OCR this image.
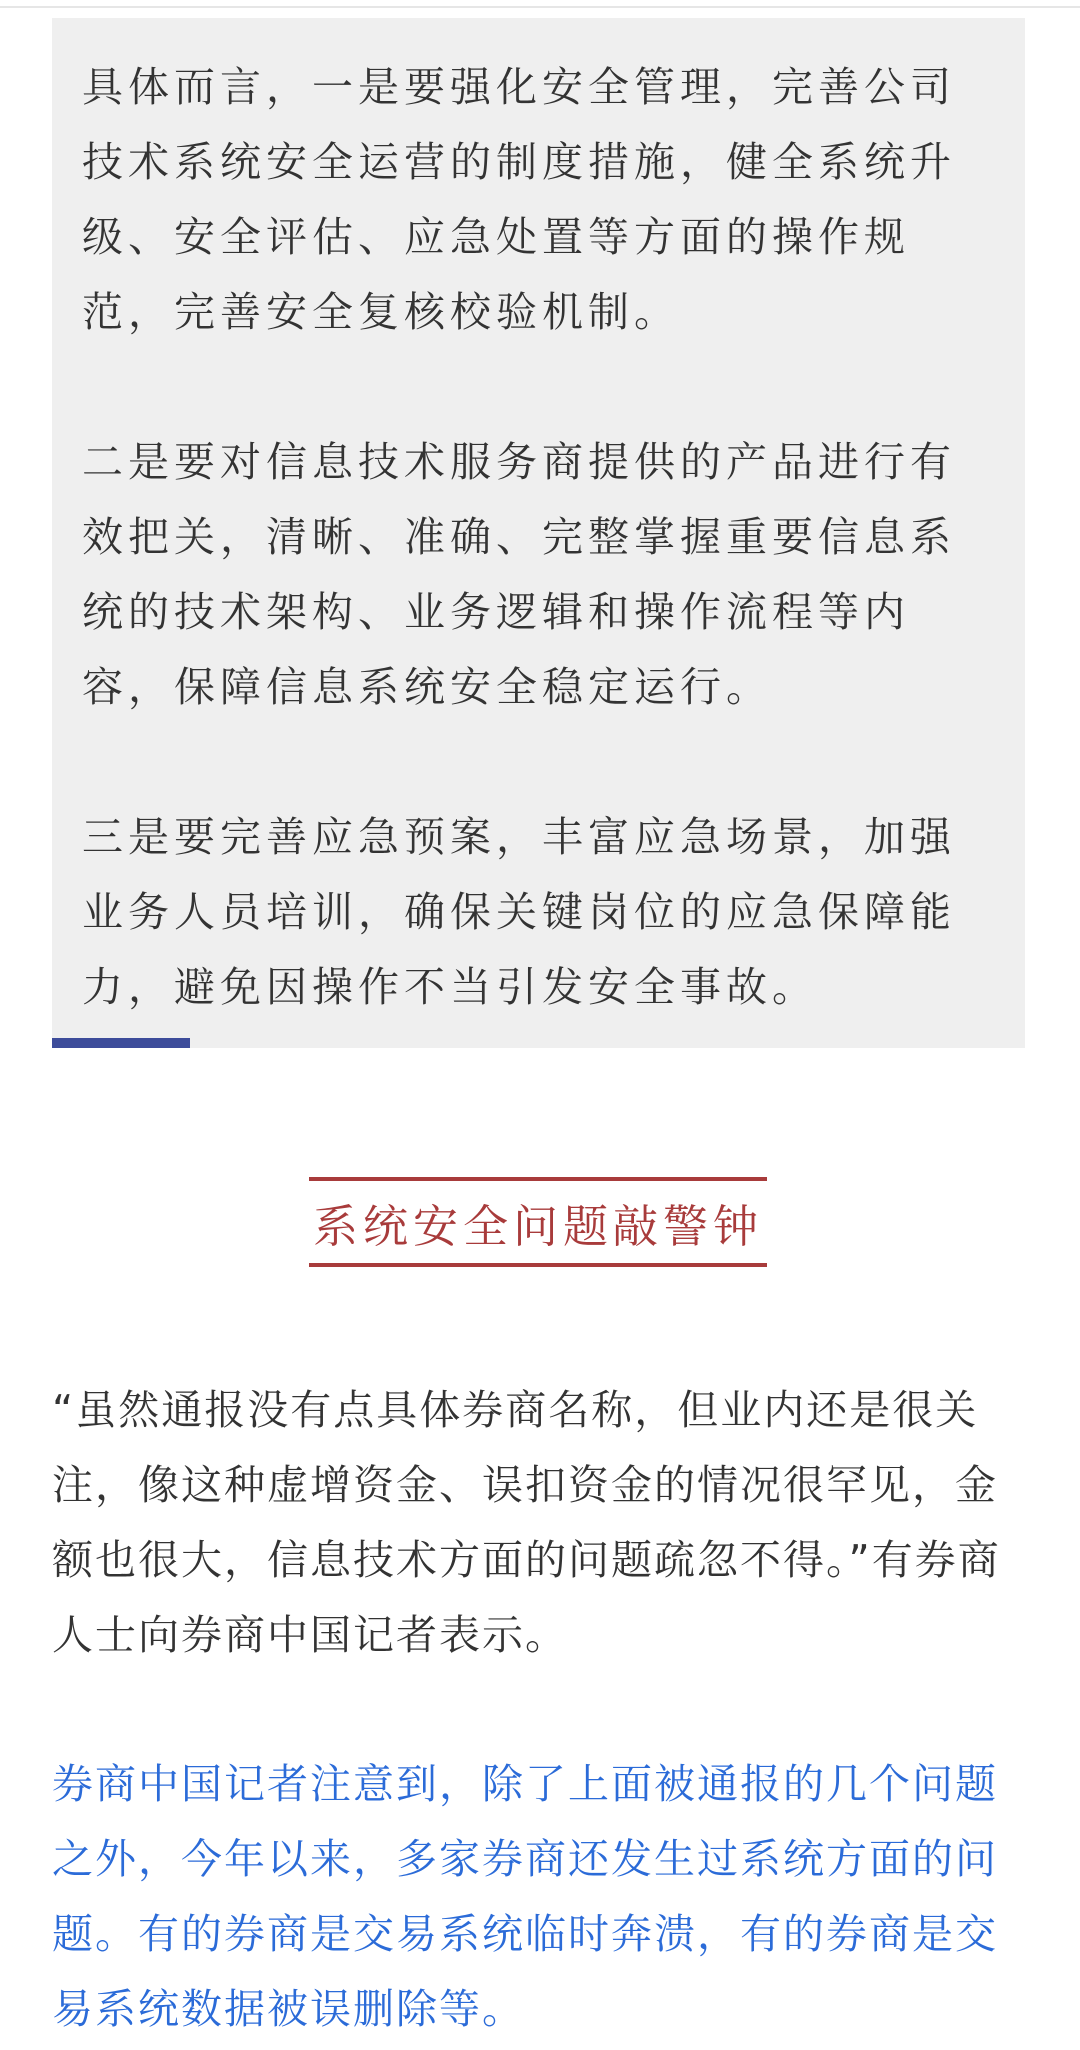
具体而言，一是要强化安全管理，完善公司技术系统安全运营的制度措施，健全系统升级、安全评估、应急处置等方面的操作规范，完善安全复核校验机制。

二是要对信息技术服务商提供的产品进行有效把关，清晰、准确、完整掌握重要信息系统的技术架构、业务逻辑和操作流程等内容，保障信息系统安全稳定运行。

三是要完善应急预案，丰富应急场景，加强业务人员培训，确保关键岗位的应急保障能力，避免因操作不当引发安全事故。

系统安全问题敲警钟

“虽然通报没有点具体券商名称，但业内还是很关注，像这种虚增资金、误扣资金的情况很罕见，金额也很大，信息技术方面的问题疏忽不得。”有券商人士向券商中国记者表示。

券商中国记者注意到，除了上面被通报的几个问题之外，今年以来，多家券商还发生过系统方面的问题。有的券商是交易系统临时奔溃，有的券商是交易系统数据被误删除等。
